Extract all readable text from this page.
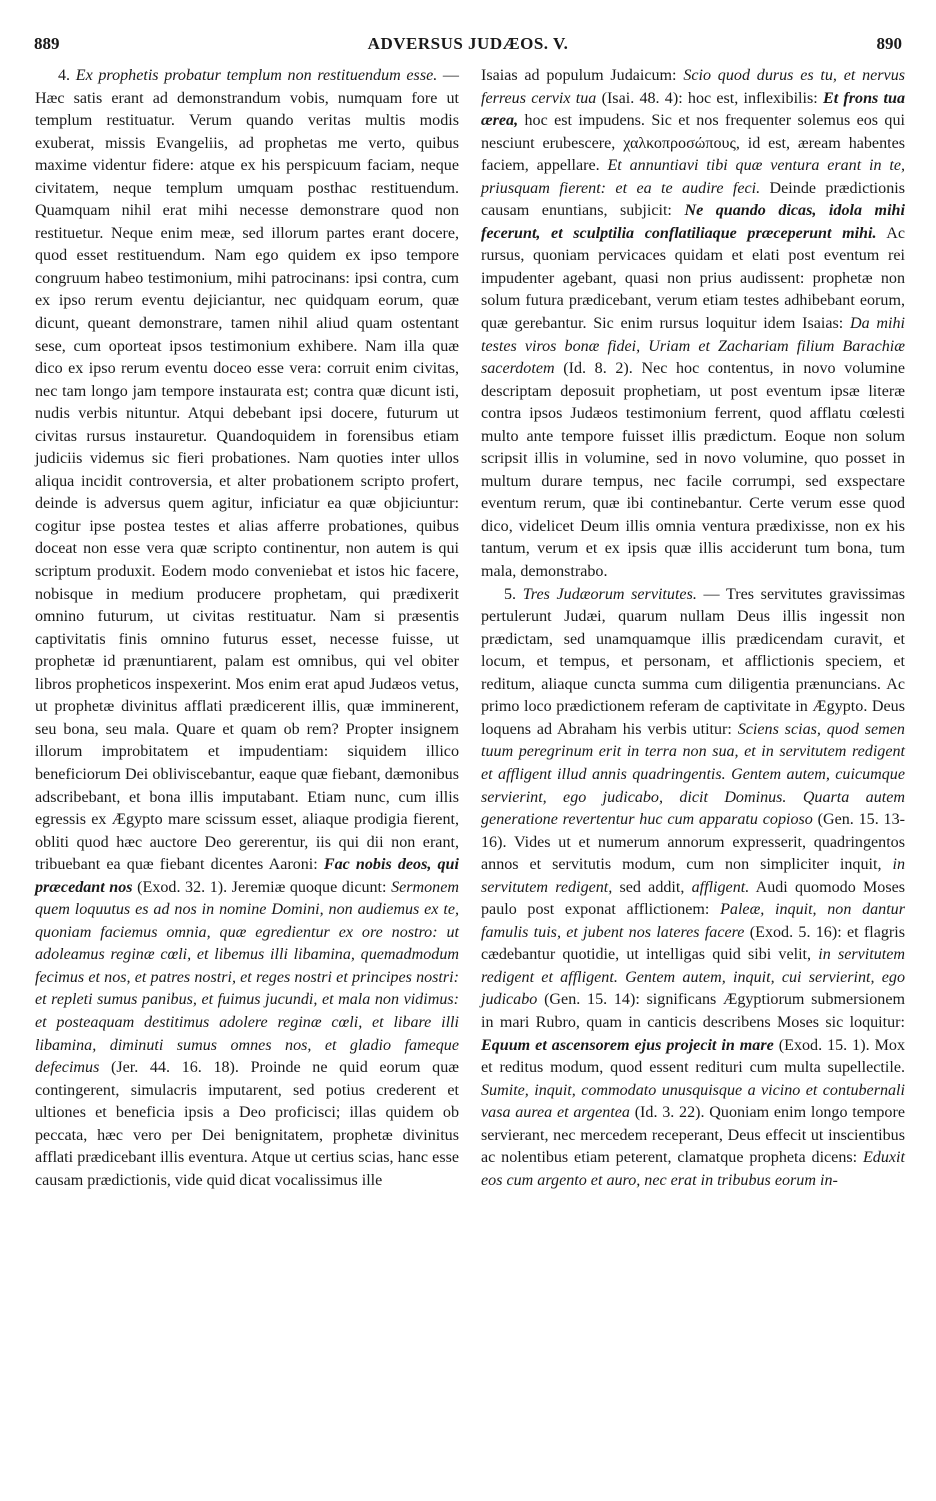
889	ADVERSUS JUDÆOS. V.	890

4. Ex prophetis probatur templum non restituendum esse. — Hæc satis erant ad demonstrandum vobis, numquam fore ut templum restituatur. Verum quando veritas multis modis exuberat, missis Evangeliis, ad prophetas me verto, quibus maxime videntur fidere: atque ex his perspicuum faciam, neque civitatem, neque templum umquam posthac restituendum. Quamquam nihil erat mihi necesse demonstrare quod non restituetur. Neque enim meæ, sed illorum partes erant docere, quod esset restituendum. Nam ego quidem ex ipso tempore congruum habeo testimonium, mihi patrocinans: ipsi contra, cum ex ipso rerum eventu dejiciantur, nec quidquam eorum, quæ dicunt, queant demonstrare, tamen nihil aliud quam ostentant sese, cum oporteat ipsos testimonium exhibere. Nam illa quæ dico ex ipso rerum eventu doceo esse vera: corruit enim civitas, nec tam longo jam tempore instaurata est; contra quæ dicunt isti, nudis verbis nituntur. Atqui debebant ipsi docere, futurum ut civitas rursus instauretur. Quandoquidem in forensibus etiam judiciis videmus sic fieri probationes. Nam quoties inter ullos aliqua incidit controversia, et alter probationem scripto profert, deinde is adversus quem agitur, inficiatur ea quæ objiciuntur: cogitur ipse postea testes et alias afferre probationes, quibus doceat non esse vera quæ scripto continentur, non autem is qui scriptum produxit. Eodem modo conveniebat et istos hic facere, nobisque in medium producere prophetam, qui prædixerit omnino futurum, ut civitas restituatur. Nam si præsentis captivitatis finis omnino futurus esset, necesse fuisse, ut prophetæ id prænuntiarent, palam est omnibus, qui vel obiter libros propheticos inspexerint. Mos enim erat apud Judæos vetus, ut prophetæ divinitus afflati prædicerent illis, quæ imminerent, seu bona, seu mala. Quare et quam ob rem? Propter insignem illorum improbitatem et impudentiam: siquidem illico beneficiorum Dei obliviscebantur, eaque quæ fiebant, dæmonibus adscribebant, et bona illis imputabant. Etiam nunc, cum illis egressis ex Ægypto mare scissum esset, aliaque prodigia fierent, obliti quod hæc auctore Deo gererentur, iis qui dii non erant, tribuebant ea quæ fiebant dicentes Aaroni: Fac nobis deos, qui præcedant nos (Exod. 32. 1). Jeremiæ quoque dicunt: Sermonem quem loquutus es ad nos in nomine Domini, non audiemus ex te, quoniam faciemus omnia, quæ egredientur ex ore nostro: ut adoleamus reginæ cœli, et libemus illi libamina, quemadmodum fecimus et nos, et patres nostri, et reges nostri et principes nostri: et repleti sumus panibus, et fuimus jucundi, et mala non vidimus: et posteaquam destitimus adolere reginæ cœli, et libare illi libamina, diminuti sumus omnes nos, et gladio fameque defecimus (Jer. 44. 16. 18). Proinde ne quid eorum quæ contingerent, simulacris imputarent, sed potius crederent et ultiones et beneficia ipsis a Deo proficisci; illas quidem ob peccata, hæc vero per Dei benignitatem, prophetæ divinitus afflati prædicebant illis eventura. Atque ut certius scias, hanc esse causam prædictionis, vide quid dicat vocalissimus ille

Isaias ad populum Judaicum: Scio quod durus es tu, et nervus ferreus cervix tua (Isai. 48. 4): hoc est, inflexibilis: Et frons tua ærea, hoc est impudens. Sic et nos frequenter solemus eos qui nesciunt erubescere, χαλκοπροσώπους, id est, æream habentes faciem, appellare. Et annuntiavi tibi quæ ventura erant in te, priusquam fierent: et ea te audire feci. Deinde prædictionis causam enuntians, subjicit: Ne quando dicas, idola mihi fecerunt, et sculptilia conflatiliaque præceperunt mihi. Ac rursus, quoniam pervicaces quidam et elati post eventum rei impudenter agebant, quasi non prius audissent: prophetæ non solum futura prædicebant, verum etiam testes adhibebant eorum, quæ gerebantur. Sic enim rursus loquitur idem Isaias: Da mihi testes viros bonæ fidei, Uriam et Zachariam filium Barachiæ sacerdotem (Id. 8. 2). Nec hoc contentus, in novo volumine descriptam deposuit prophetiam, ut post eventum ipsæ literæ contra ipsos Judæos testimonium ferrent, quod afflatu cœlesti multo ante tempore fuisset illis prædictum. Eoque non solum scripsit illis in volumine, sed in novo volumine, quo posset in multum durare tempus, nec facile corrumpi, sed exspectare eventum rerum, quæ ibi continebantur. Certe verum esse quod dico, videlicet Deum illis omnia ventura prædixisse, non ex his tantum, verum et ex ipsis quæ illis acciderunt tum bona, tum mala, demonstrabo.

5. Tres Judæorum servitutes. — Tres servitutes gravissimas pertulerunt Judæi, quarum nullam Deus illis ingessit non prædictam, sed unamquamque illis prædicendam curavit, et locum, et tempus, et personam, et afflictionis speciem, et reditum, aliaque cuncta summa cum diligentia prænuncians. Ac primo loco prædictionem referam de captivitate in Ægypto. Deus loquens ad Abraham his verbis utitur: Sciens scias, quod semen tuum peregrinum erit in terra non sua, et in servitutem redigent et affligent illud annis quadringentis. Gentem autem, cuicumque servierint, ego judicabo, dicit Dominus. Quarta autem generatione revertentur huc cum apparatu copioso (Gen. 15. 13-16). Vides ut et numerum annorum expresserit, quadringentos annos et servitutis modum, cum non simpliciter inquit, in servitutem redigent, sed addit, affligent. Audi quomodo Moses paulo post exponat afflictionem: Paleæ, inquit, non dantur famulis tuis, et jubent nos lateres facere (Exod. 5. 16): et flagris cædebantur quotidie, ut intelligas quid sibi velit, in servitutem redigent et affligent. Gentem autem, inquit, cui servierint, ego judicabo (Gen. 15. 14): significans Ægyptiorum submersionem in mari Rubro, quam in canticis describens Moses sic loquitur: Equum et ascensorem ejus projecit in mare (Exod. 15. 1). Mox et reditus modum, quod essent redituri cum multa supellectile. Sumite, inquit, commodato unusquisque a vicino et contubernali vasa aurea et argentea (Id. 3. 22). Quoniam enim longo tempore servierant, nec mercedem receperant, Deus effecit ut inscientibus ac nolentibus etiam peterent, clamatque propheta dicens: Eduxit eos cum argento et auro, nec erat in tribubus eorum in-
